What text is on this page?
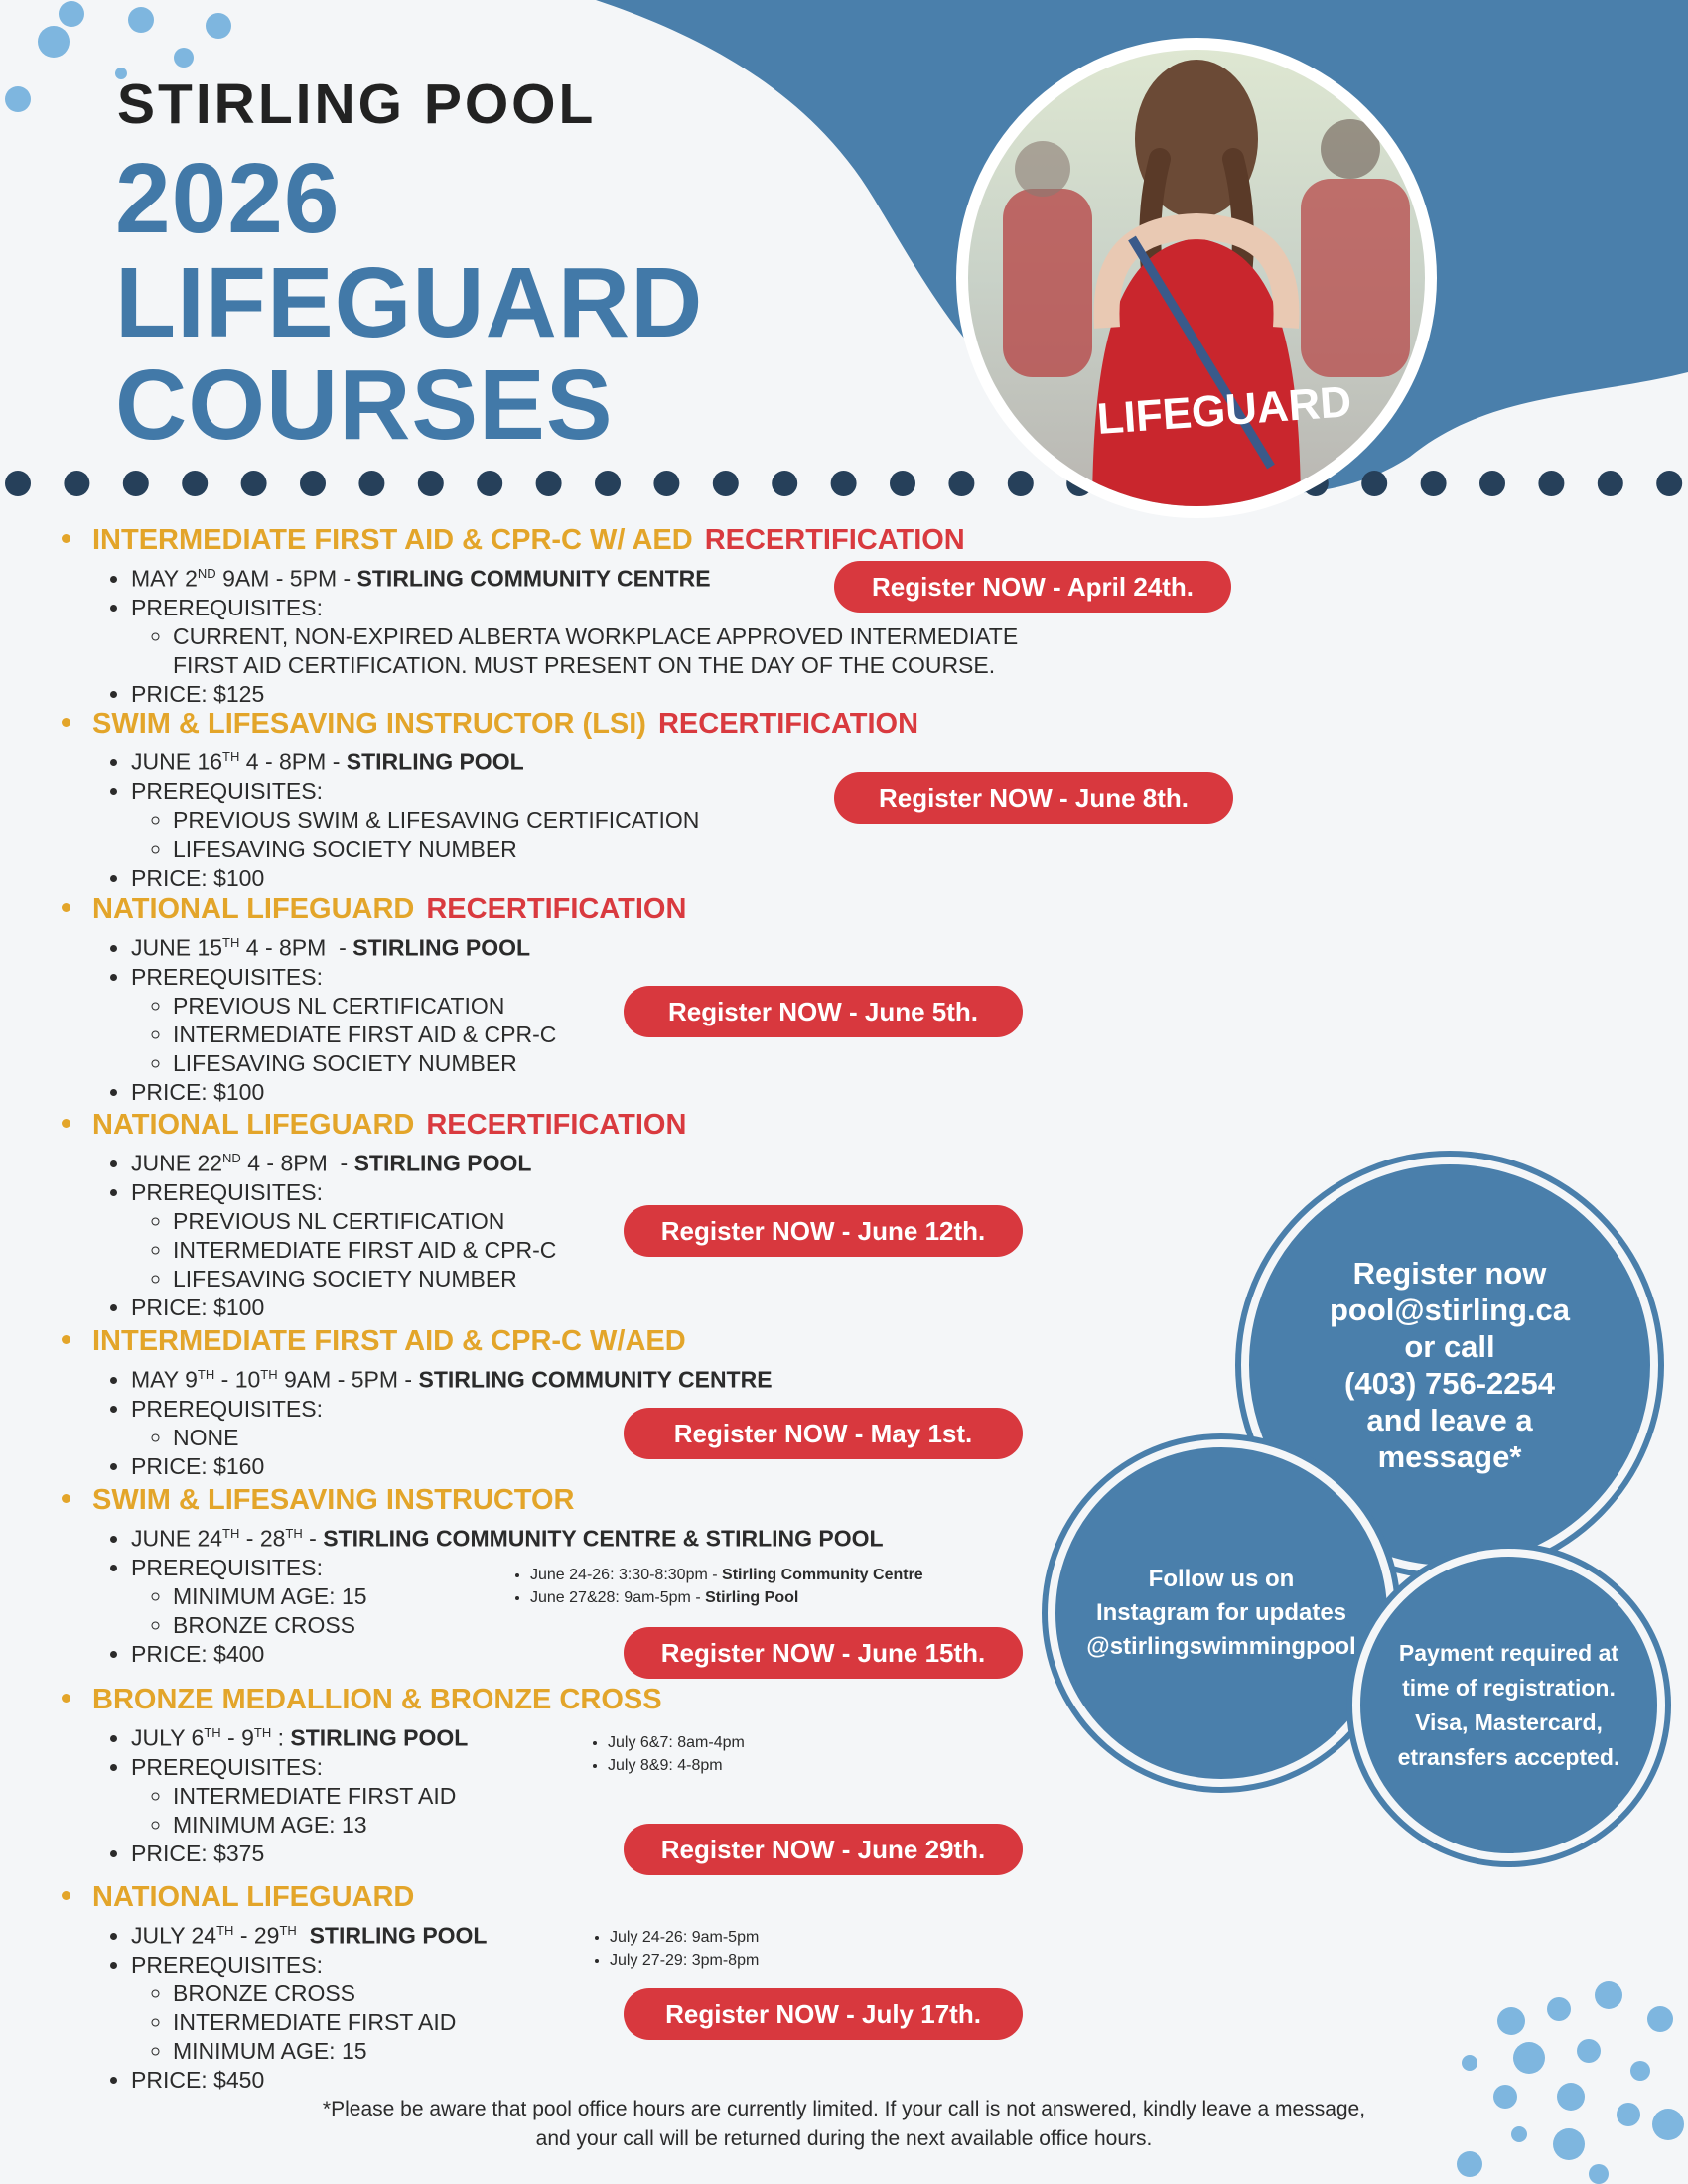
LIFEGUARD
STIRLING POOL
2026
LIFEGUARD
COURSES
INTERMEDIATE FIRST AID & CPR-C W/ AED RECERTIFICATION
• MAY 2ND 9AM - 5PM - STIRLING COMMUNITY CENTRE
• PREREQUISITES:
◦ CURRENT, NON-EXPIRED ALBERTA WORKPLACE APPROVED INTERMEDIATE FIRST AID CERTIFICATION. MUST PRESENT ON THE DAY OF THE COURSE.
• PRICE: $125
Register NOW - April 24th.
SWIM & LIFESAVING INSTRUCTOR (LSI) RECERTIFICATION
• JUNE 16TH 4 - 8PM - STIRLING POOL
• PREREQUISITES:
◦ PREVIOUS SWIM & LIFESAVING CERTIFICATION
◦ LIFESAVING SOCIETY NUMBER
• PRICE: $100
Register NOW - June 8th.
NATIONAL LIFEGUARD RECERTIFICATION
• JUNE 15TH 4 - 8PM  - STIRLING POOL
• PREREQUISITES:
◦ PREVIOUS NL CERTIFICATION
◦ INTERMEDIATE FIRST AID & CPR-C
◦ LIFESAVING SOCIETY NUMBER
• PRICE: $100
Register NOW - June 5th.
NATIONAL LIFEGUARD RECERTIFICATION
• JUNE 22ND 4 - 8PM  - STIRLING POOL
• PREREQUISITES:
◦ PREVIOUS NL CERTIFICATION
◦ INTERMEDIATE FIRST AID & CPR-C
◦ LIFESAVING SOCIETY NUMBER
• PRICE: $100
Register NOW - June 12th.
INTERMEDIATE FIRST AID & CPR-C W/AED
• MAY 9TH - 10TH 9AM - 5PM - STIRLING COMMUNITY CENTRE
• PREREQUISITES:
◦ NONE
• PRICE: $160
Register NOW - May 1st.
SWIM & LIFESAVING INSTRUCTOR
• JUNE 24TH - 28TH - STIRLING COMMUNITY CENTRE & STIRLING POOL
• PREREQUISITES:
◦ MINIMUM AGE: 15
◦ BRONZE CROSS
• PRICE: $400	Register NOW - June 15th.
• June 24-26: 3:30-8:30pm - Stirling Community Centre
• June 27&28: 9am-5pm - Stirling Pool
BRONZE MEDALLION & BRONZE CROSS
• JULY 6TH - 9TH : STIRLING POOL
• PREREQUISITES:
◦ INTERMEDIATE FIRST AID
◦ MINIMUM AGE: 13
• PRICE: $375	Register NOW - June 29th.
• July 6&7: 8am-4pm
• July 8&9: 4-8pm
NATIONAL LIFEGUARD
• JULY 24TH - 29TH STIRLING POOL
• PREREQUISITES:
◦ BRONZE CROSS
◦ INTERMEDIATE FIRST AID
◦ MINIMUM AGE: 15
• PRICE: $450
Register NOW - July 17th.
• July 24-26: 9am-5pm
• July 27-29: 3pm-8pm
Register now
pool@stirling.ca
or call
(403) 756-2254
and leave a
message*
Follow us on
Instagram for updates
@stirlingswimmingpool Payment required at
time of registration.
Visa, Mastercard,
etransfers accepted.
*Please be aware that pool office hours are currently limited. If your call is not answered, kindly leave a message, and your call will be returned during the next available office hours.
